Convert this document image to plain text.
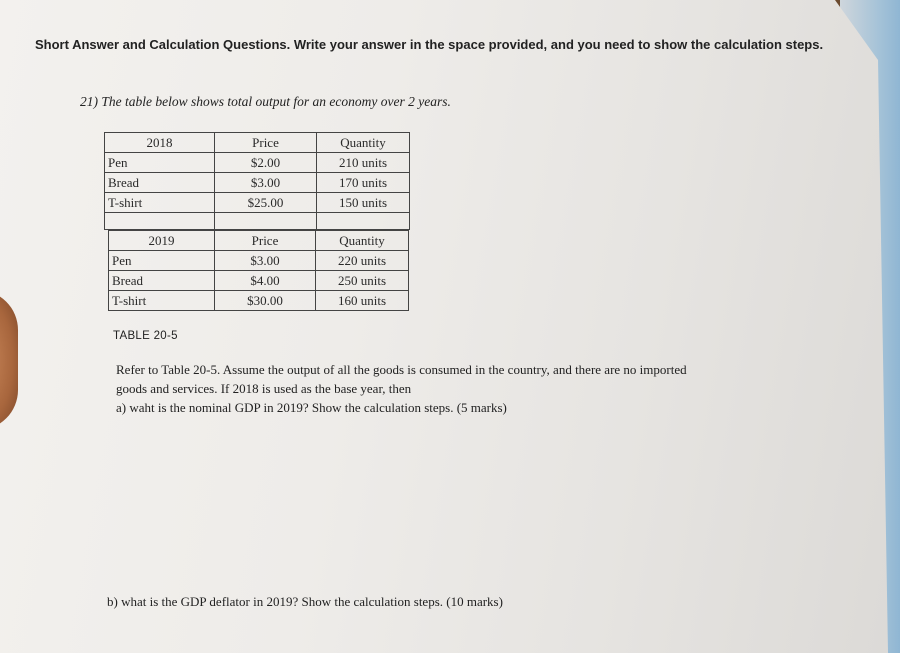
Short Answer and Calculation Questions. Write your answer in the space provided, and you need to show the calculation steps.
21) The table below shows total output for an economy over 2 years.
2018	Price	Quantity
Pen	$2.00	210 units
Bread	$3.00	170 units
T-shirt	$25.00	150 units

2019	Price	Quantity
Pen	$3.00	220 units
Bread	$4.00	250 units
T-shirt	$30.00	160 units
TABLE 20-5
Refer to Table 20-5. Assume the output of all the goods is consumed in the country, and there are no imported
goods and services. If 2018 is used as the base year, then
a) waht is the nominal GDP in 2019? Show the calculation steps. (5 marks)
b) what is the GDP deflator in 2019? Show the calculation steps. (10 marks)
